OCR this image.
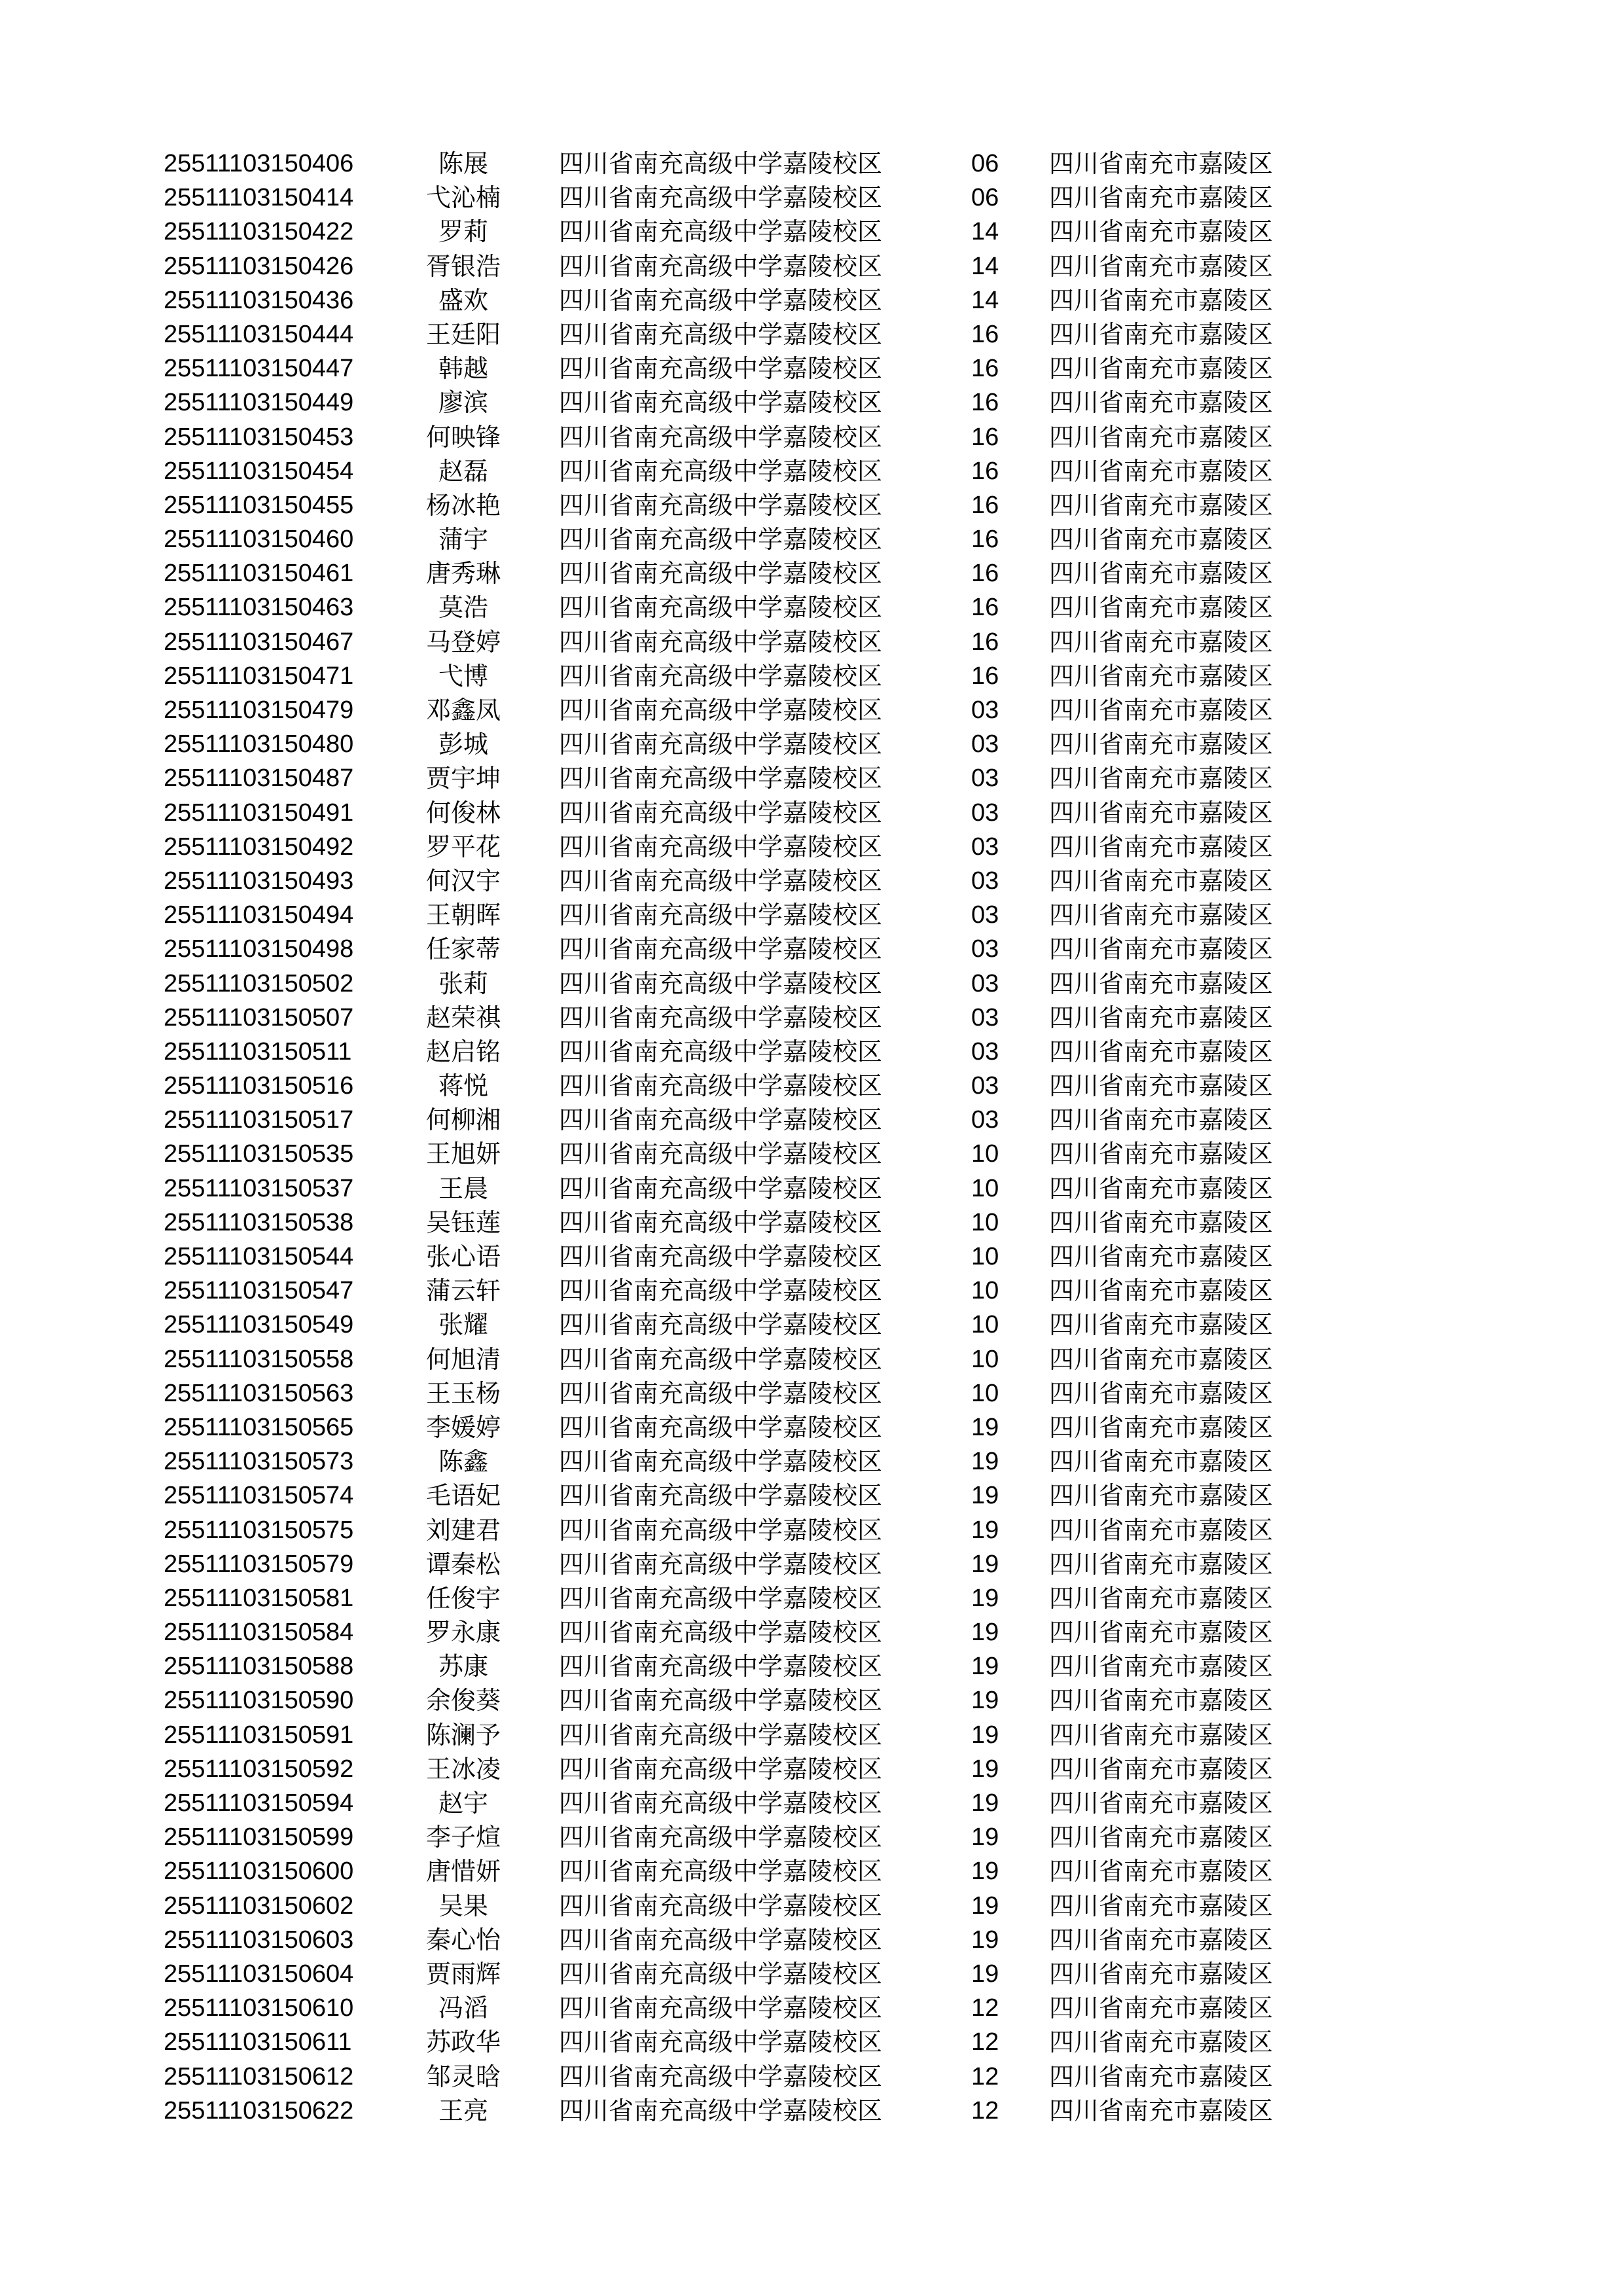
25511103150406	陈展	四川省南充高级中学嘉陵校区	06 四川省南充市嘉陵区
25511103150414	弋沁楠	四川省南充高级中学嘉陵校区	06 四川省南充市嘉陵区
25511103150422	罗莉	四川省南充高级中学嘉陵校区	14 四川省南充市嘉陵区
25511103150426	胥银浩	四川省南充高级中学嘉陵校区	14 四川省南充市嘉陵区
25511103150436	盛欢	四川省南充高级中学嘉陵校区	14 四川省南充市嘉陵区
25511103150444	王廷阳	四川省南充高级中学嘉陵校区	16 四川省南充市嘉陵区
25511103150447	韩越	四川省南充高级中学嘉陵校区	16 四川省南充市嘉陵区
25511103150449	廖滨	四川省南充高级中学嘉陵校区	16 四川省南充市嘉陵区
25511103150453	何映锋	四川省南充高级中学嘉陵校区	16 四川省南充市嘉陵区
25511103150454	赵磊	四川省南充高级中学嘉陵校区	16 四川省南充市嘉陵区
25511103150455	杨冰艳	四川省南充高级中学嘉陵校区	16 四川省南充市嘉陵区
25511103150460	蒲宇	四川省南充高级中学嘉陵校区	16 四川省南充市嘉陵区
25511103150461	唐秀琳	四川省南充高级中学嘉陵校区	16 四川省南充市嘉陵区
25511103150463	莫浩	四川省南充高级中学嘉陵校区	16 四川省南充市嘉陵区
25511103150467	马登婷	四川省南充高级中学嘉陵校区	16 四川省南充市嘉陵区
25511103150471	弋博	四川省南充高级中学嘉陵校区	16 四川省南充市嘉陵区
25511103150479	邓鑫凤	四川省南充高级中学嘉陵校区	03 四川省南充市嘉陵区
25511103150480	彭城	四川省南充高级中学嘉陵校区	03 四川省南充市嘉陵区
25511103150487	贾宇坤	四川省南充高级中学嘉陵校区	03 四川省南充市嘉陵区
25511103150491	何俊林	四川省南充高级中学嘉陵校区	03 四川省南充市嘉陵区
25511103150492	罗平花	四川省南充高级中学嘉陵校区	03 四川省南充市嘉陵区
25511103150493	何汉宇	四川省南充高级中学嘉陵校区	03 四川省南充市嘉陵区
25511103150494	王朝晖	四川省南充高级中学嘉陵校区	03 四川省南充市嘉陵区
25511103150498	任家蒂	四川省南充高级中学嘉陵校区	03 四川省南充市嘉陵区
25511103150502	张莉	四川省南充高级中学嘉陵校区	03 四川省南充市嘉陵区
25511103150507	赵荣祺	四川省南充高级中学嘉陵校区	03 四川省南充市嘉陵区
25511103150511	赵启铭	四川省南充高级中学嘉陵校区	03 四川省南充市嘉陵区
25511103150516	蒋悦	四川省南充高级中学嘉陵校区	03 四川省南充市嘉陵区
25511103150517	何柳湘	四川省南充高级中学嘉陵校区	03 四川省南充市嘉陵区
25511103150535	王旭妍	四川省南充高级中学嘉陵校区	10 四川省南充市嘉陵区
25511103150537	王晨	四川省南充高级中学嘉陵校区	10 四川省南充市嘉陵区
25511103150538	吴钰莲	四川省南充高级中学嘉陵校区	10 四川省南充市嘉陵区
25511103150544	张心语	四川省南充高级中学嘉陵校区	10 四川省南充市嘉陵区
25511103150547	蒲云轩	四川省南充高级中学嘉陵校区	10 四川省南充市嘉陵区
25511103150549	张耀	四川省南充高级中学嘉陵校区	10 四川省南充市嘉陵区
25511103150558	何旭清	四川省南充高级中学嘉陵校区	10 四川省南充市嘉陵区
25511103150563	王玉杨	四川省南充高级中学嘉陵校区	10 四川省南充市嘉陵区
25511103150565	李媛婷	四川省南充高级中学嘉陵校区	19 四川省南充市嘉陵区
25511103150573	陈鑫	四川省南充高级中学嘉陵校区	19 四川省南充市嘉陵区
25511103150574	毛语妃	四川省南充高级中学嘉陵校区	19 四川省南充市嘉陵区
25511103150575	刘建君	四川省南充高级中学嘉陵校区	19 四川省南充市嘉陵区
25511103150579	谭秦松	四川省南充高级中学嘉陵校区	19 四川省南充市嘉陵区
25511103150581	任俊宇	四川省南充高级中学嘉陵校区	19 四川省南充市嘉陵区
25511103150584	罗永康	四川省南充高级中学嘉陵校区	19 四川省南充市嘉陵区
25511103150588	苏康	四川省南充高级中学嘉陵校区	19 四川省南充市嘉陵区
25511103150590	余俊葵	四川省南充高级中学嘉陵校区	19 四川省南充市嘉陵区
25511103150591	陈澜予	四川省南充高级中学嘉陵校区	19 四川省南充市嘉陵区
25511103150592	王冰凌	四川省南充高级中学嘉陵校区	19 四川省南充市嘉陵区
25511103150594	赵宇	四川省南充高级中学嘉陵校区	19 四川省南充市嘉陵区
25511103150599	李子煊	四川省南充高级中学嘉陵校区	19 四川省南充市嘉陵区
25511103150600	唐惜妍	四川省南充高级中学嘉陵校区	19 四川省南充市嘉陵区
25511103150602	吴果	四川省南充高级中学嘉陵校区	19 四川省南充市嘉陵区
25511103150603	秦心怡	四川省南充高级中学嘉陵校区	19 四川省南充市嘉陵区
25511103150604	贾雨辉	四川省南充高级中学嘉陵校区	19 四川省南充市嘉陵区
25511103150610	冯滔	四川省南充高级中学嘉陵校区	12 四川省南充市嘉陵区
25511103150611	苏政华	四川省南充高级中学嘉陵校区	12 四川省南充市嘉陵区
25511103150612	邹灵晗	四川省南充高级中学嘉陵校区	12 四川省南充市嘉陵区
25511103150622	王亮	四川省南充高级中学嘉陵校区	12 四川省南充市嘉陵区
